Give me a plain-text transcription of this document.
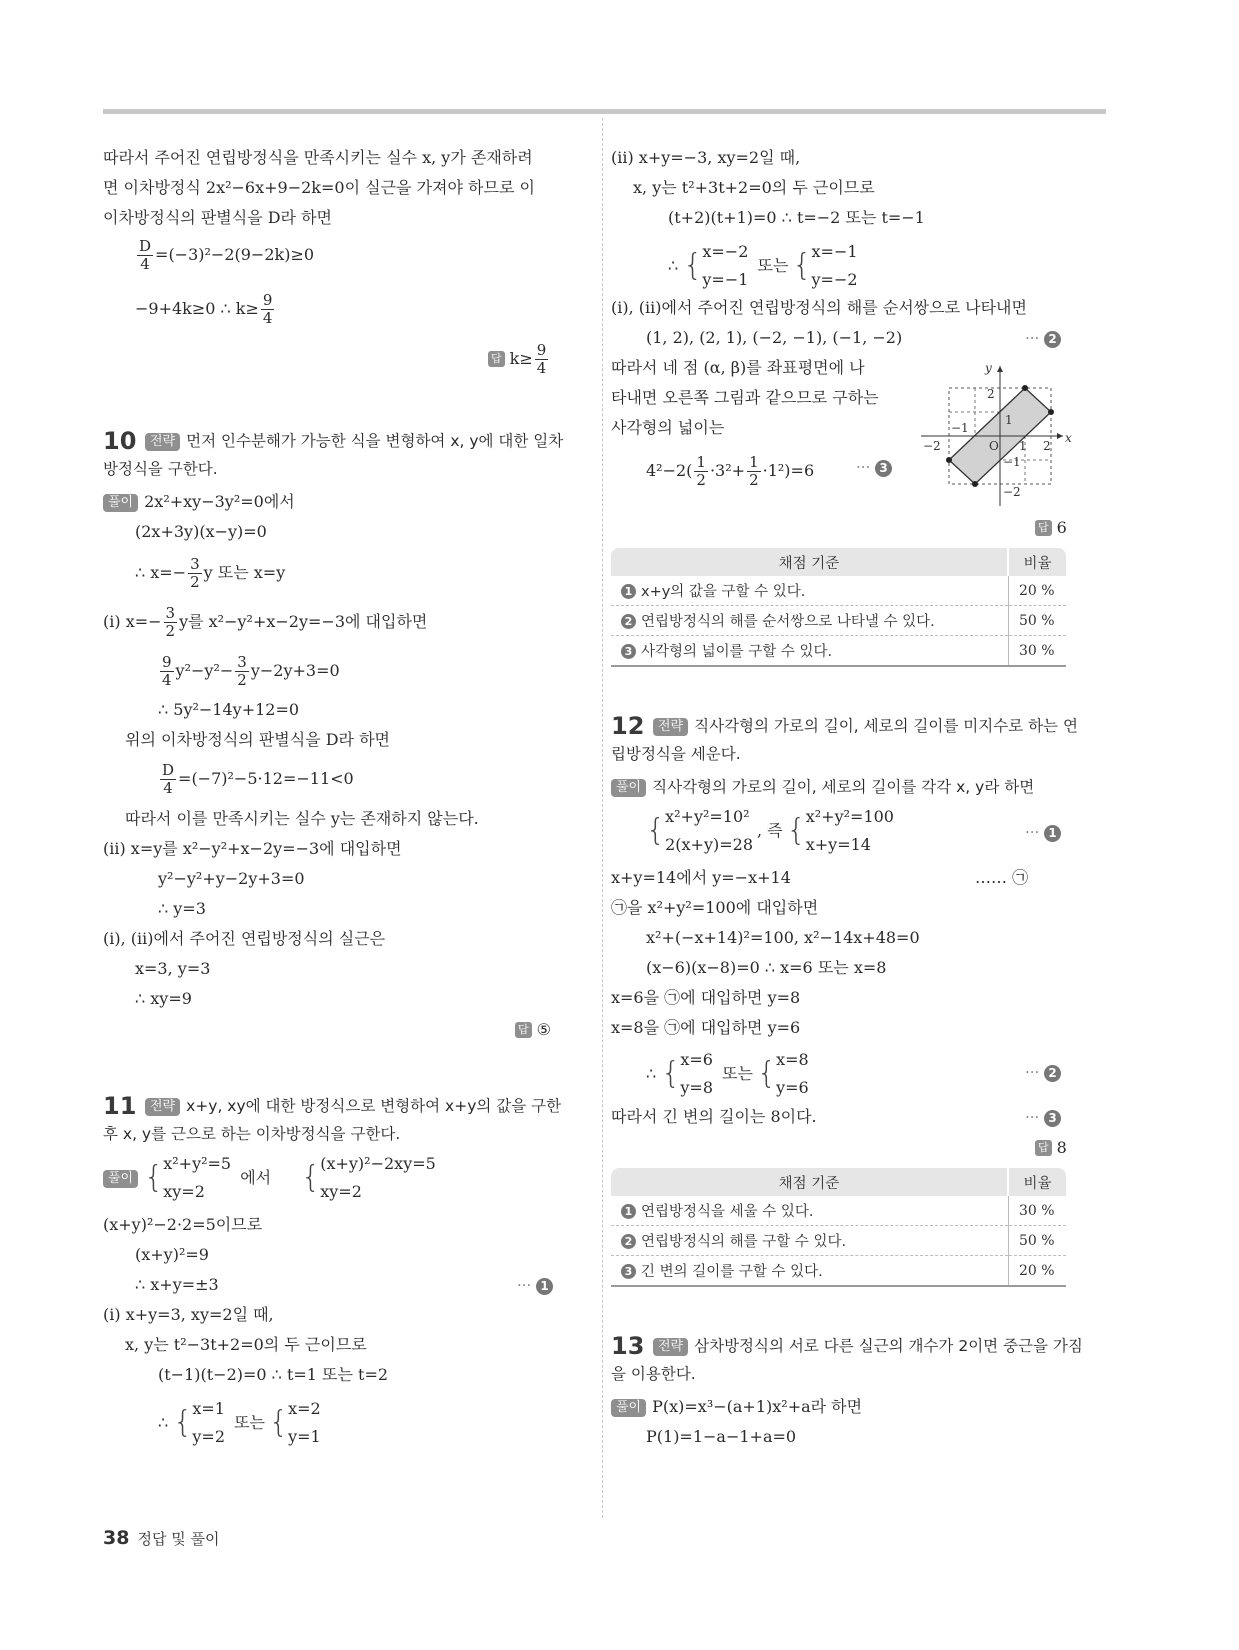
따라서 주어진 연립방정식을 만족시키는 실수 x, y가 존재하려
면 이차방정식 2x²−6x+9−2k=0이 실근을 가져야 하므로 이
이차방정식의 판별식을 D라 하면
$\frac{D}{4} =(-3)^2-2(9-2k)\ge 0$
−9+4k≥0 ∴ $k\ge \frac{9}{4}$
답 $k\ge \frac{9}{4}$
10	전략 먼저 인수분해가 가능한 식을 변형하여 x, y에 대한 일차
방정식을 구한다.
풀이 2x²+xy−3y²=0에서
(2x+3y)(x−y)=0
∴ $x=- \frac{3}{2}$ y 또는 x=y
(ⅰ) $x=- \frac{3}{2}$ y를 x²−y²+x−2y=−3에 대입하면
$\frac{9}{4} y^2-y^2- \frac{3}{2} y-2y+3=0$
∴ 5y²−14y+12=0
위의 이차방정식의 판별식을 D라 하면
$\frac{D}{4} =(-7)^2-5\cdot 12=-11<0$
따라서 이를 만족시키는 실수 y는 존재하지 않는다.
(ⅱ) x=y를 x²−y²+x−2y=−3에 대입하면
y²−y²+y−2y+3=0
∴ y=3
(ⅰ), (ⅱ)에서 주어진 연립방정식의 실근은
x=3, y=3
∴ xy=9
답 ⑤
11	전략 x+y, xy에 대한 방정식으로 변형하여 x+y의 값을 구한
후 x, y를 근으로 하는 이차방정식을 구한다.
풀이 {x²+y²=5
xy=2 에서 {(x+y)²−2xy=5
xy=2
(x+y)²−2·2=5이므로
(x+y)²=9
∴ x+y=±3	··· 1
(ⅰ) x+y=3, xy=2일 때,
x, y는 t²−3t+2=0의 두 근이므로
(t−1)(t−2)=0 ∴ t=1 또는 t=2
∴ {x=1
y=2 또는 {x=2
y=1
(ⅱ) x+y=−3, xy=2일 때,
x, y는 t²+3t+2=0의 두 근이므로
(t+2)(t+1)=0 ∴ t=−2 또는 t=−1
∴ {x=−2
y=−1 또는 {x=−1
y=−2
(ⅰ), (ⅱ)에서 주어진 연립방정식의 해를 순서쌍으로 나타내면
(1, 2), (2, 1), (−2, −1), (−1, −2)	··· 2
따라서 네 점 (α, β)를 좌표평면에 나
타내면 오른쪽 그림과 같으므로 구하는
사각형의 넓이는
$4^2-2( \frac{1}{2} \cdot 3^2+ \frac{1}{2} \cdot 1^2)=6$	··· 3
x
y
O
−2
−1
1 2
2
1
−1
−2
답 6
채점 기준	비율
1 x+y의 값을 구할 수 있다.	20 %
2 연립방정식의 해를 순서쌍으로 나타낼 수 있다.	50 %
3 사각형의 넓이를 구할 수 있다.	30 %
12	전략 직사각형의 가로의 길이, 세로의 길이를 미지수로 하는 연
립방정식을 세운다.
풀이 직사각형의 가로의 길이, 세로의 길이를 각각 x, y라 하면
{x²+y²=10²
2(x+y)=28, 즉 {x²+y²=100
x+y=14
··· 1
x+y=14에서 y=−x+14	…… ㉠
㉠을 x²+y²=100에 대입하면
x²+(−x+14)²=100, x²−14x+48=0
(x−6)(x−8)=0 ∴ x=6 또는 x=8
x=6을 ㉠에 대입하면 y=8
x=8을 ㉠에 대입하면 y=6
∴ {x=6
y=8 또는 {x=8
y=6
··· 2
따라서 긴 변의 길이는 8이다.	··· 3
답 8
채점 기준	비율
1 연립방정식을 세울 수 있다.	30 %
2 연립방정식의 해를 구할 수 있다.	50 %
3 긴 변의 길이를 구할 수 있다.	20 %
13	전략 삼차방정식의 서로 다른 실근의 개수가 2이면 중근을 가짐
을 이용한다.
풀이 P(x)=x³−(a+1)x²+a라 하면
P(1)=1−a−1+a=0
38 정답 및 풀이
